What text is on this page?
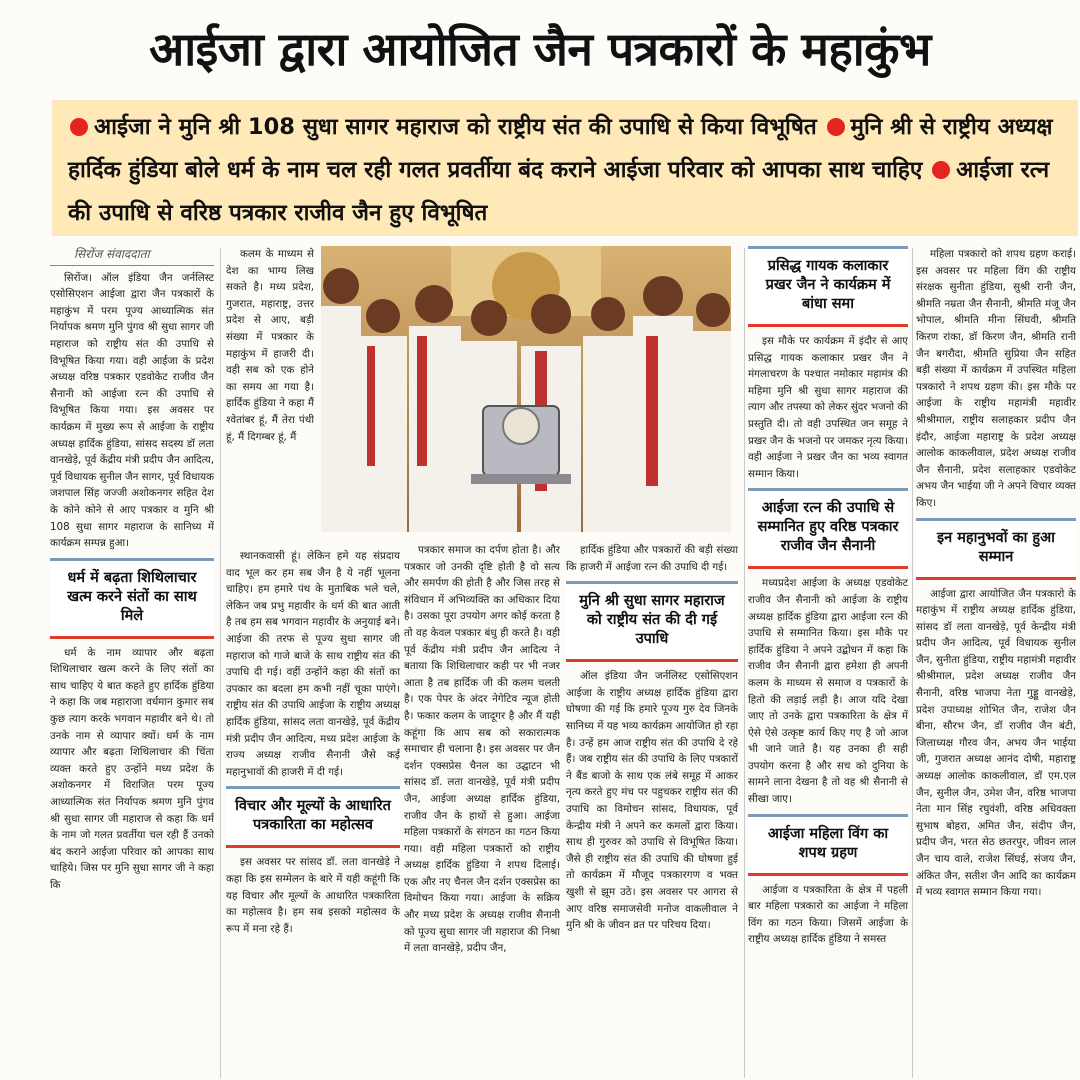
आईजा द्वारा आयोजित जैन पत्रकारों के महाकुंभ
आईजा ने मुनि श्री 108 सुधा सागर महाराज को राष्ट्रीय संत की उपाधि से किया विभूषित मुनि श्री से राष्ट्रीय अध्यक्ष हार्दिक हुंडिया बोले धर्म के नाम चल रही गलत प्रवर्तीया बंद कराने आईजा परिवार को आपका साथ चाहिए आईजा रत्न की उपाधि से वरिष्ठ पत्रकार राजीव जैन हुए विभूषित
सिरोंज संवाददाता

सिरोंज। ऑल इंडिया जैन जर्नलिस्ट एसोसिएशन आईजा द्वारा जैन पत्रकारों के महाकुंभ में परम पूज्य आध्यात्मिक संत निर्यापक श्रमण मुनि पुंगव श्री सुधा सागर जी महाराज को राष्ट्रीय संत की उपाधि से विभूषित किया गया। वही आईजा के प्रदेश अध्यक्ष वरिष्ठ पत्रकार एडवोकेट राजीव जैन सैनानी को आईजा रत्न की उपाधि से विभूषित किया गया। इस अवसर पर कार्यक्रम में मुख्य रूप से आईजा के राष्ट्रीय अध्यक्ष हार्दिक हुंडिया, सांसद सदस्य डॉ लता वानखेड़े, पूर्व केंद्रीय मंत्री प्रदीप जैन आदित्य, पूर्व विधायक सुनील जैन सागर, पूर्व विधायक जशपाल सिंह जज्जी अशोकनगर सहित देश के कोने कोने से आए पत्रकार व मुनि श्री 108 सुधा सागर महाराज के सानिध्य में कार्यक्रम सम्पन्न हुआ।

धर्म में बढ़ता शिथिलाचार खत्म करने संतों का साथ मिले

धर्म के नाम व्यापार और बढ़ता शिथिलाचार खत्म करने के लिए संतों का साथ चाहिए ये बात कहते हुए हार्दिक हुंडिया ने कहा कि जब महाराजा वर्धमान कुमार सब कुछ त्याग करके भगवान महावीर बने थे। तो उनके नाम से व्यापार क्यों। धर्म के नाम व्यापार और बढ़ता शिथिलाचार की चिंता व्यक्त करते हुए उन्होंने मध्य प्रदेश के अशोकनगर में विराजित परम पूज्य आध्यात्मिक संत निर्यापक श्रमण मुनि पुंगव श्री सुधा सागर जी महाराज से कहा कि धर्म के नाम जो गलत प्रवर्तीया चल रही हैं उनको बंद कराने आईजा परिवार को आपका साथ चाहिये। जिस पर मुनि सुधा सागर जी ने कहा कि

कलम के माध्यम से देश का भाग्य लिख सकते है। मध्य प्रदेश, गुजरात, महाराष्ट्र, उत्तर प्रदेश से आए, बड़ी संख्या में पत्रकार के महाकुंभ में हाजरी दी। वही सब को एक होने का समय आ गया है। हार्दिक हुंडिया ने कहा मैं श्वेतांबर हूं, मैं तेरा पंथी हूं, मैं दिगम्बर हूं, मैं

स्थानकवासी हूं। लेकिन हमे यह संप्रदाय वाद भूल कर हम सब जैन है ये नहीं भूलना चाहिए। हम हमारे पंथ के मुताबिक भले चले, लेकिन जब प्रभु महावीर के धर्म की बात आती है तब हम सब भगवान महावीर के अनुयाई बने। आईजा की तरफ से पूज्य सुधा सागर जी महाराज को गाजे बाजे के साथ राष्ट्रीय संत की उपाधि दी गई। वहीं उन्होंने कहा की संतों का उपकार का बदला हम कभी नहीं चूका पाएंगे। राष्ट्रीय संत की उपाधि आईजा के राष्ट्रीय अध्यक्ष हार्दिक हुंडिया, सांसद लता वानखेड़े, पूर्व केंद्रीय मंत्री प्रदीप जैन आदित्य, मध्य प्रदेश आईजा के राज्य अध्यक्ष राजीव सैनानी जैसे कई महानुभावों की हाजरी में दी गई।

विचार और मूल्यों के आधारित पत्रकारिता का महोत्सव

इस अवसर पर सांसद डॉ. लता वानखेड़े ने कहा कि इस सम्मेलन के बारे में यही कहूंगी कि यह विचार और मूल्यों के आधारित पत्रकारिता का महोत्सव है। हम सब इसको महोत्सव के रूप में मना रहे हैं।

पत्रकार समाज का दर्पण होता है। और पत्रकार जो उनकी दृष्टि होती है वो सत्य और समर्पण की होती है और जिस तरह से संविधान में अभिव्यक्ति का अधिकार दिया है। उसका पूरा उपयोग अगर कोई करता है तो वह केवल पत्रकार बंधु ही करते है। वही पूर्व केंद्रीय मंत्री प्रदीप जैन आदित्य ने बताया कि शिथिलाचार कही पर भी नजर आता है तब हार्दिक जी की कलम चलती है। एक पेपर के अंदर नेगेटिव न्यूज होती है। फकार कलम के जादूगर है और मैं यही कहूंगा कि आप सब को सकारात्मक समाचार ही चलाना है। इस अवसर पर जैन दर्शन एक्सप्रेस चैनल का उद्घाटन भी सांसद डॉ. लता वानखेड़े, पूर्व मंत्री प्रदीप जैन, आईजा अध्यक्ष हार्दिक हुंडिया, राजीव जैन के हाथों से हुआ। आईजा महिला पत्रकारों के संगठन का गठन किया गया। वही महिला पत्रकारों को राष्ट्रीय अध्यक्ष हार्दिक हुंडिया ने शपथ दिलाई। एक और नए चैनल जैन दर्शन एक्सप्रेस का विमोचन किया गया। आईजा के सक्रिय और मध्य प्रदेश के अध्यक्ष राजीव सैनानी को पूज्य सुधा सागर जी महाराज की निश्रा में लता वानखेड़े, प्रदीप जैन,

हार्दिक हुंडिया और पत्रकारों की बड़ी संख्या कि हाजरी में आईजा रत्न की उपाधि दी गई।

मुनि श्री सुधा सागर महाराज को राष्ट्रीय संत की दी गई उपाधि

ऑल इंडिया जैन जर्नलिस्ट एसोसिएशन आईजा के राष्ट्रीय अध्यक्ष हार्दिक हुंडिया द्वारा घोषणा की गई कि हमारे पूज्य गुरु देव जिनके सानिध्य में यह भव्य कार्यक्रम आयोजित हो रहा है। उन्हें हम आज राष्ट्रीय संत की उपाधि दे रहे हैं। जब राष्ट्रीय संत की उपाधि के लिए पत्रकारों ने बैंड बाजो के साथ एक लंबे समूह में आकर नृत्य करते हुए मंच पर पहुचकर राष्ट्रीय संत की उपाधि का विमोचन सांसद, विधायक, पूर्व केन्द्रीय मंत्री ने अपने कर कमलों द्वारा किया। साथ ही गुरुवर को उपाधि से विभूषित किया। जैसे ही राष्ट्रीय संत की उपाधि की घोषणा हुई तो कार्यक्रम में मौजूद पत्रकारगण व भक्त खुशी से झूम उठे। इस अवसर पर आगरा से आए वरिष्ठ समाजसेवी मनोज वाकलीवाल ने मुनि श्री के जीवन व्रत पर परिचय दिया।

प्रसिद्ध गायक कलाकार प्रखर जैन ने कार्यक्रम में बांधा समा

इस मौके पर कार्यक्रम में इंदौर से आए प्रसिद्ध गायक कलाकार प्रखर जैन ने मंगलाचरण के पश्चात नमोकार महामंत्र की महिमा मुनि श्री सुधा सागर महाराज की त्याग और तपस्या को लेकर सुंदर भजनो की प्रस्तुति दी। तो वही उपस्थित जन समूह ने प्रखर जैन के भजनो पर जमकर नृत्य किया। वही आईजा ने प्रखर जैन का भव्य स्वागत सम्मान किया।

आईजा रत्न की उपाधि से सम्मानित हुए वरिष्ठ पत्रकार राजीव जैन सैनानी

मध्यप्रदेश आईजा के अध्यक्ष एडवोकेट राजीव जैन सैनानी को आईजा के राष्ट्रीय अध्यक्ष हार्दिक हुंडिया द्वारा आईजा रत्न की उपाधि से सम्मानित किया। इस मौके पर हार्दिक हुंडिया ने अपने उद्बोधन में कहा कि राजीव जैन सैनानी द्वारा हमेशा ही अपनी कलम के माध्यम से समाज व पत्रकारों के हितो की लड़ाई लड़ी है। आज यदि देखा जाए तो उनके द्वारा पत्रकारिता के क्षेत्र में ऐसे ऐसे उत्कृष्ट कार्य किए गए है जो आज भी जाने जाते है। यह उनका ही सही उपयोग करना है और सच को दुनिया के सामने लाना देखना है तो वह श्री सैनानी से सीखा जाए।

आईजा महिला विंग का शपथ ग्रहण

आईजा व पत्रकारिता के क्षेत्र में पहली बार महिला पत्रकारो का आईजा ने महिला विंग का गठन किया। जिसमें आईजा के राष्ट्रीय अध्यक्ष हार्दिक हुंडिया ने समस्त

महिला पत्रकारो को शपथ ग्रहण कराई। इस अवसर पर महिला विंग की राष्ट्रीय संरक्षक सुनीता हुंडिया, सुश्री रानी जैन, श्रीमति नम्रता जैन सैनानी, श्रीमति मंजू जैन भोपाल, श्रीमति मीना सिंघवी, श्रीमति किरण रांका, डॉ किरण जैन, श्रीमति रानी जैन बगरौदा, श्रीमति सुप्रिया जैन सहित बड़ी संख्या में कार्यक्रम में उपस्थित महिला पत्रकारो ने शपथ ग्रहण की। इस मौके पर आईजा के राष्ट्रीय महामंत्री महावीर श्रीश्रीमाल, राष्ट्रीय सलाहकार प्रदीप जैन इंदौर, आईजा महाराष्ट्र के प्रदेश अध्यक्ष आलोक काकलीवाल, प्रदेश अध्यक्ष राजीव जैन सैनानी, प्रदेश सलाहकार एडवोकेट अभय जैन भाईया जी ने अपने विचार व्यक्त किए।

इन महानुभवों का हुआ सम्मान

आईजा द्वारा आयोजित जैन पत्रकारो के महाकुंभ में राष्ट्रीय अध्यक्ष हार्दिक हुंडिया, सांसद डॉ लता वानखेड़े, पूर्व केन्द्रीय मंत्री प्रदीप जैन आदित्य, पूर्व विधायक सुनील जैन, सुनीता हुंडिया, राष्ट्रीय महामंत्री महावीर श्रीश्रीमाल, प्रदेश अध्यक्ष राजीव जैन सैनानी, वरिष्ठ भाजपा नेता गुड्डू वानखेड़े, प्रदेश उपाध्यक्ष शोभित जैन, राजेश जैन बीना, सौरभ जैन, डॉ राजीव जैन बंटी, जिलाध्यक्ष गौरव जैन, अभय जैन भाईया जी, गुजरात अध्यक्ष आनंद दोषी, महाराष्ट्र अध्यक्ष आलोक काकलीवाल, डॉ एम.एल जैन, सुनील जैन, उमेश जैन, वरिष्ठ भाजपा नेता मान सिंह रघुवंशी, वरिष्ठ अधिवक्ता सुभाष बोहरा, अमित जैन, संदीप जैन, प्रदीप जैन, भरत सेठ छतरपुर, जीवन लाल जैन चाय वाले, राजेश सिंघई, संजय जैन, अंकित जैन, सतीश जैन आदि का कार्यक्रम में भव्य स्वागत सम्मान किया गया।
